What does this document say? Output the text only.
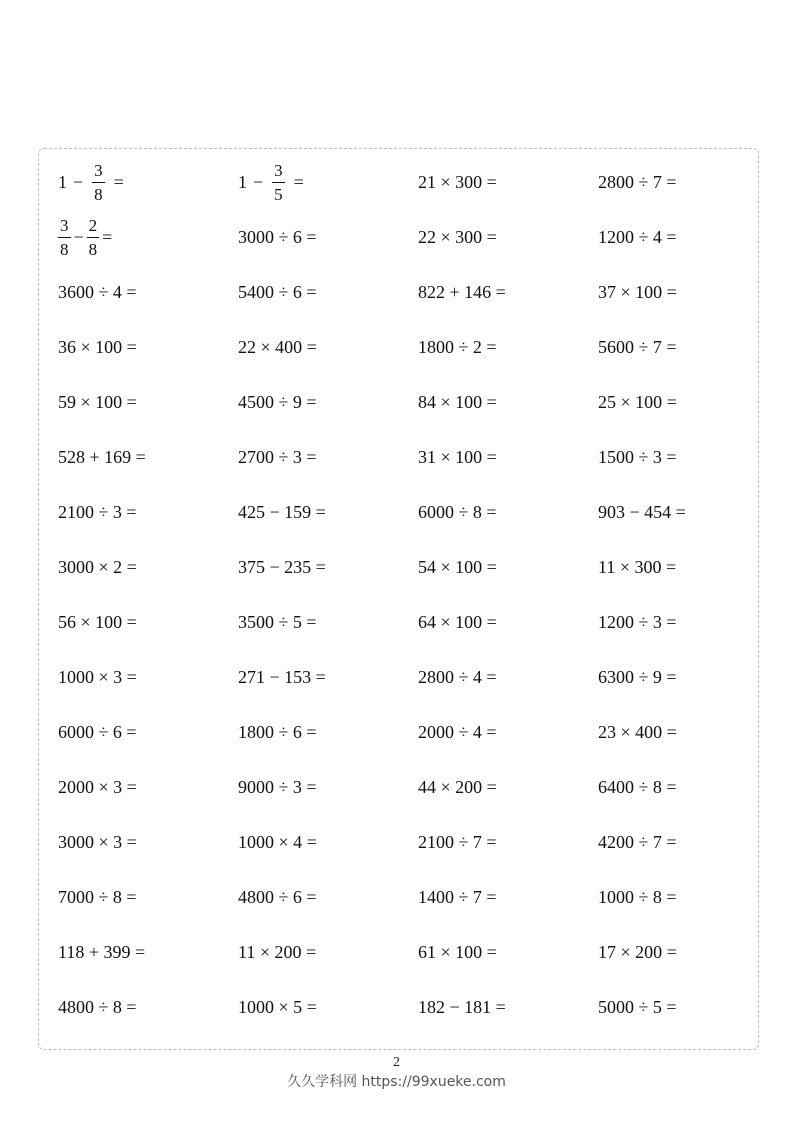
$1 - \frac{3}{8}$ =	$1 - \frac{3}{5}$ =	21 × 300 =	2800 ÷ 7 =
$\frac{3}{8} - \frac{2}{8}$ =	3000 ÷ 6 =	22 × 300 =	1200 ÷ 4 =
3600 ÷ 4 =	5400 ÷ 6 =	822 + 146 =	37 × 100 =
36 × 100 =	22 × 400 =	1800 ÷ 2 =	5600 ÷ 7 =
59 × 100 =	4500 ÷ 9 =	84 × 100 =	25 × 100 =
528 + 169 =	2700 ÷ 3 =	31 × 100 =	1500 ÷ 3 =
2100 ÷ 3 =	425 − 159 =	6000 ÷ 8 =	903 − 454 =
3000 × 2 =	375 − 235 =	54 × 100 =	11 × 300 =
56 × 100 =	3500 ÷ 5 =	64 × 100 =	1200 ÷ 3 =
1000 × 3 =	271 − 153 =	2800 ÷ 4 =	6300 ÷ 9 =
6000 ÷ 6 =	1800 ÷ 6 =	2000 ÷ 4 =	23 × 400 =
2000 × 3 =	9000 ÷ 3 =	44 × 200 =	6400 ÷ 8 =
3000 × 3 =	1000 × 4 =	2100 ÷ 7 =	4200 ÷ 7 =
7000 ÷ 8 =	4800 ÷ 6 =	1400 ÷ 7 =	1000 ÷ 8 =
118 + 399 =	11 × 200 =	61 × 100 =	17 × 200 =
4800 ÷ 8 =	1000 × 5 =	182 − 181 =	5000 ÷ 5 =
2
久久学科网 https://99xueke.com
